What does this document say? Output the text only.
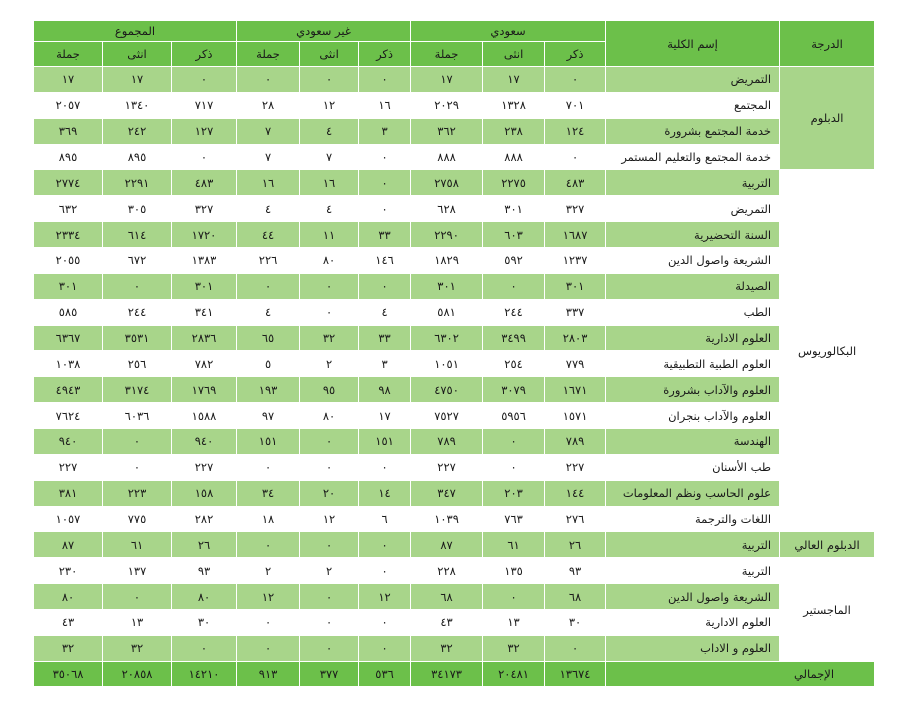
الدرجة	إسم الكلية	سعودي			غير سعودي			المجموع		
		ذكر	انثى	جملة	ذكر	انثى	جملة	ذكر	انثى	جملة
الدبلوم	التمريض	٠	١٧	١٧	٠	٠	٠	٠	١٧	١٧
	المجتمع	٧٠١	١٣٢٨	٢٠٢٩	١٦	١٢	٢٨	٧١٧	١٣٤٠	٢٠٥٧
	خدمة المجتمع بشرورة	١٢٤	٢٣٨	٣٦٢	٣	٤	٧	١٢٧	٢٤٢	٣٦٩
	خدمة المجتمع والتعليم المستمر	٠	٨٨٨	٨٨٨	٠	٧	٧	٠	٨٩٥	٨٩٥
البكالوريوس	التربية	٤٨٣	٢٢٧٥	٢٧٥٨	٠	١٦	١٦	٤٨٣	٢٢٩١	٢٧٧٤
	التمريض	٣٢٧	٣٠١	٦٢٨	٠	٤	٤	٣٢٧	٣٠٥	٦٣٢
	السنة التحضيرية	١٦٨٧	٦٠٣	٢٢٩٠	٣٣	١١	٤٤	١٧٢٠	٦١٤	٢٣٣٤
	الشريعة واصول الدين	١٢٣٧	٥٩٢	١٨٢٩	١٤٦	٨٠	٢٢٦	١٣٨٣	٦٧٢	٢٠٥٥
	الصيدلة	٣٠١	٠	٣٠١	٠	٠	٠	٣٠١	٠	٣٠١
	الطب	٣٣٧	٢٤٤	٥٨١	٤	٠	٤	٣٤١	٢٤٤	٥٨٥
	العلوم الادارية	٢٨٠٣	٣٤٩٩	٦٣٠٢	٣٣	٣٢	٦٥	٢٨٣٦	٣٥٣١	٦٣٦٧
	العلوم الطبية التطبيقية	٧٧٩	٢٥٤	١٠٥١	٣	٢	٥	٧٨٢	٢٥٦	١٠٣٨
	العلوم والآداب بشرورة	١٦٧١	٣٠٧٩	٤٧٥٠	٩٨	٩٥	١٩٣	١٧٦٩	٣١٧٤	٤٩٤٣
	العلوم والآداب بنجران	١٥٧١	٥٩٥٦	٧٥٢٧	١٧	٨٠	٩٧	١٥٨٨	٦٠٣٦	٧٦٢٤
	الهندسة	٧٨٩	٠	٧٨٩	١٥١	٠	١٥١	٩٤٠	٠	٩٤٠
	طب الأسنان	٢٢٧	٠	٢٢٧	٠	٠	٠	٢٢٧	٠	٢٢٧
	علوم الحاسب ونظم المعلومات	١٤٤	٢٠٣	٣٤٧	١٤	٢٠	٣٤	١٥٨	٢٢٣	٣٨١
	اللغات والترجمة	٢٧٦	٧٦٣	١٠٣٩	٦	١٢	١٨	٢٨٢	٧٧٥	١٠٥٧
الدبلوم العالي	التربية	٢٦	٦١	٨٧	٠	٠	٠	٢٦	٦١	٨٧
الماجستير	التربية	٩٣	١٣٥	٢٢٨	٠	٢	٢	٩٣	١٣٧	٢٣٠
	الشريعة واصول الدين	٦٨	٠	٦٨	١٢	٠	١٢	٨٠	٠	٨٠
	العلوم الادارية	٣٠	١٣	٤٣	٠	٠	٠	٣٠	١٣	٤٣
	العلوم و الاداب	٠	٣٢	٣٢	٠	٠	٠	٠	٣٢	٣٢
الإجمالي		١٣٦٧٤	٢٠٤٨١	٣٤١٧٣	٥٣٦	٣٧٧	٩١٣	١٤٢١٠	٢٠٨٥٨	٣٥٠٦٨
